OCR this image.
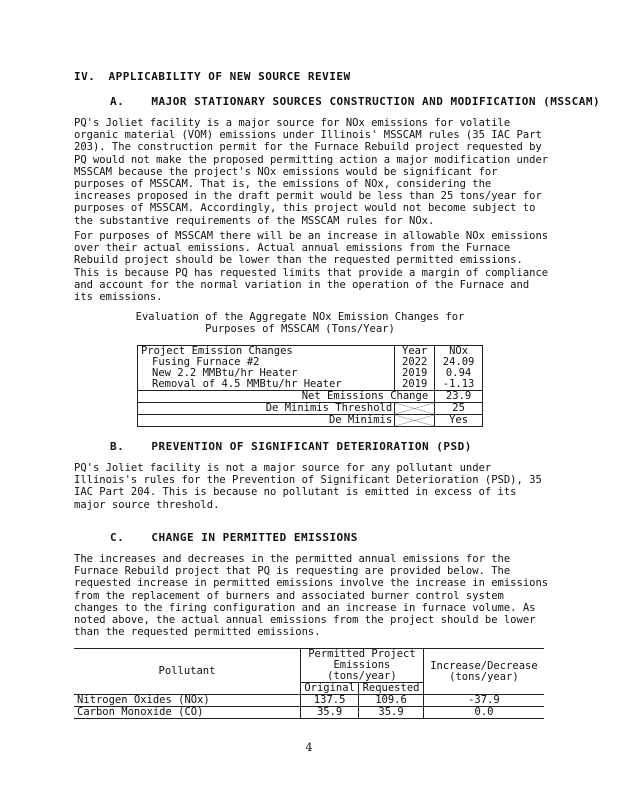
IV. APPLICABILITY OF NEW SOURCE REVIEW
A. MAJOR STATIONARY SOURCES CONSTRUCTION AND MODIFICATION (MSSCAM)

PQ's Joliet facility is a major source for NOx emissions for volatile organic material (VOM) emissions under Illinois' MSSCAM rules (35 IAC Part 203). The construction permit for the Furnace Rebuild project requested by PQ would not make the proposed permitting action a major modification under MSSCAM because the project's NOx emissions would be significant for purposes of MSSCAM. That is, the emissions of NOx, considering the increases proposed in the draft permit would be less than 25 tons/year for purposes of MSSCAM. Accordingly, this project would not become subject to the substantive requirements of the MSSCAM rules for NOx.

For purposes of MSSCAM there will be an increase in allowable NOx emissions over their actual emissions. Actual annual emissions from the Furnace Rebuild project should be lower than the requested permitted emissions. This is because PQ has requested limits that provide a margin of compliance and account for the normal variation in the operation of the Furnace and its emissions.

Evaluation of the Aggregate NOx Emission Changes for Purposes of MSSCAM (Tons/Year)
Project Emission Changes	Year	NOx
Fusing Furnace #2	2022	24.09
New 2.2 MMBtu/hr Heater	2019	0.94
Removal of 4.5 MMBtu/hr Heater	2019	-1.13
Net Emissions Change		23.9
De Minimis Threshold		25
De Minimis		Yes
B. PREVENTION OF SIGNIFICANT DETERIORATION (PSD)

PQ's Joliet facility is not a major source for any pollutant under Illinois's rules for the Prevention of Significant Deterioration (PSD), 35 IAC Part 204. This is because no pollutant is emitted in excess of its major source threshold.

C. CHANGE IN PERMITTED EMISSIONS

The increases and decreases in the permitted annual emissions for the Furnace Rebuild project that PQ is requesting are provided below. The requested increase in permitted emissions involve the increase in emissions from the replacement of burners and associated burner control system changes to the firing configuration and an increase in furnace volume. As noted above, the actual annual emissions from the project should be lower than the requested permitted emissions.

Pollutant	Permitted Project Emissions (tons/year)		Increase/Decrease (tons/year)
	Original	Requested	
Nitrogen Oxides (NOx)	137.5	109.6	-37.9
Carbon Monoxide (CO)	35.9	35.9	0.0
4
